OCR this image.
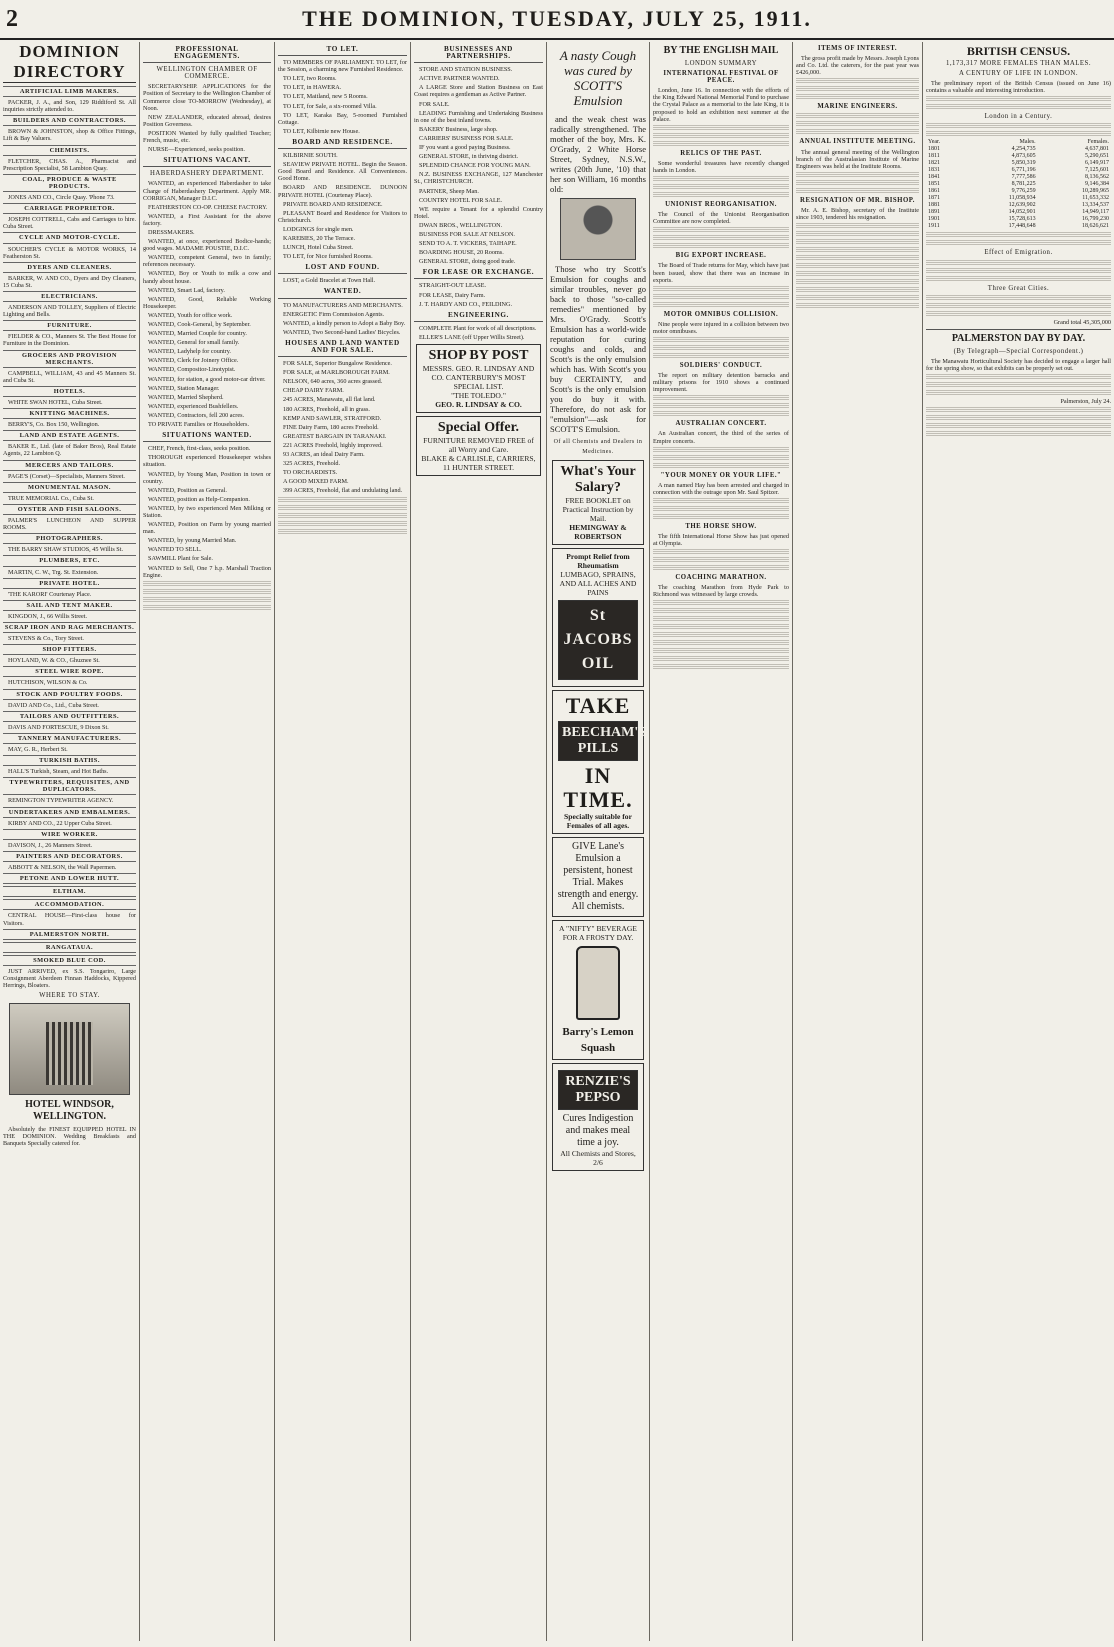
2	THE DOMINION, TUESDAY, JULY 25, 1911.
DOMINION DIRECTORY
ARTIFICIAL LIMB MAKERS.
PACKER, J. A., and Son, 129 Riddiford St. All inquiries strictly attended to.
BUILDERS AND CONTRACTORS.
BROWN & JOHNSTON, shop & Office Fittings, Lift & Bay Valuers.
CHEMISTS.
FLETCHER, CHAS. A., Pharmacist and Prescription Specialist, 58 Lambton Quay.
COAL, PRODUCE & WASTE PRODUCTS.
JONES AND CO., Circle Quay. 'Phone 73.
CARRIAGE PROPRIETOR.
JOSEPH COTTRELL, Cabs and Carriages to hire. Cuba Street.
CYCLE AND MOTOR-CYCLE.
SOUCHER'S CYCLE & MOTOR WORKS, 14 Featherston St.
DYERS AND CLEANERS.
BARKER, W. AND CO., Dyers and Dry Cleaners, 15 Cuba St.
ELECTRICIANS.
ANDERSON AND TOLLEY, Suppliers of Electric Lighting and Bells.
FURNITURE.
FIELDER & CO., Manners St. The Best House for Furniture in the Dominion.
GROCERS AND PROVISION MERCHANTS.
CAMPBELL, WILLIAM, 43 and 45 Manners St. and Cuba St.
HOTELS.
WHITE SWAN HOTEL, Cuba Street.
KNITTING MACHINES.
BERRY'S, Co. Box 150, Wellington.
LAND AND ESTATE AGENTS.
BAKER E., Ltd. (late of Baker Bros), Real Estate Agents, 22 Lambton Q.
MERCERS AND TAILORS.
PAGE'S (Corset)—Specialists, Manners Street.
MONUMENTAL MASON.
TRUE MEMORIAL Co., Cuba St.
OYSTER AND FISH SALOONS.
PALMER'S LUNCHEON AND SUPPER ROOMS.
PHOTOGRAPHERS.
THE BARRY SHAW STUDIOS, 45 Willis St.
PLUMBERS, ETC.
MARTIN, C. W., Trg. St. Extension.
PRIVATE HOTEL.
'THE KARORI' Courtenay Place.
SAIL AND TENT MAKER.
KINGDON, J., 66 Willis Street.
SCRAP IRON AND RAG MERCHANTS.
STEVENS & Co., Tory Street.
SHOP FITTERS.
HOYLAND, W. & CO., Ghuznee St.
STEEL WIRE ROPE.
HUTCHISON, WILSON & Co.
STOCK AND POULTRY FOODS.
DAVID AND Co., Ltd., Cuba Street.
TAILORS AND OUTFITTERS.
DAVIS AND FORTESCUE, 9 Dixon St.
TANNERY MANUFACTURERS.
MAY, G. R., Herbert St.
TURKISH BATHS.
HALL'S Turkish, Steam, and Hot Baths.
TYPEWRITERS, REQUISITES, AND DUPLICATORS.
REMINGTON TYPEWRITER AGENCY.
UNDERTAKERS AND EMBALMERS.
KIRBY AND CO., 22 Upper Cuba Street.
WIRE WORKER.
DAVISON, J., 26 Manners Street.
PAINTERS AND DECORATORS.
ABBOTT & NELSON, the Wall Papermen.
PETONE AND LOWER HUTT.
ELTHAM.
ACCOMMODATION.
CENTRAL HOUSE—First-class house for Visitors.
PALMERSTON NORTH.
RANGATAUA.
SMOKED BLUE COD.
JUST ARRIVED, ex S.S. Tongariro, Large Consignment Aberdeen Finnan Haddocks, Kippered Herrings, Bloaters.
WHERE TO STAY.
HOTEL WINDSOR, WELLINGTON.
Absolutely the FINEST EQUIPPED HOTEL IN THE DOMINION. Wedding Breakfasts and Banquets Specially catered for.
PROFESSIONAL ENGAGEMENTS.
WELLINGTON CHAMBER OF COMMERCE.
SECRETARYSHIP. APPLICATIONS for the Position of Secretary to the Wellington Chamber of Commerce close TO-MORROW (Wednesday), at Noon.
NEW ZEALANDER, educated abroad, desires Position Governess.
POSITION Wanted by fully qualified Teacher; French, music, etc.
NURSE—Experienced, seeks position.
SITUATIONS VACANT.
HABERDASHERY DEPARTMENT.
WANTED, an experienced Haberdasher to take Charge of Haberdashery Department. Apply MR. CORRIGAN, Manager D.I.C.
FEATHERSTON CO-OP. CHEESE FACTORY.
WANTED, a First Assistant for the above factory.
DRESSMAKERS.
WANTED, at once, experienced Bodice-hands; good wages. MADAME POUSTIE, D.I.C.
WANTED, competent General, two in family; references necessary.
WANTED, Boy or Youth to milk a cow and handy about house.
WANTED, Smart Lad, factory.
WANTED, Good, Reliable Working Housekeeper.
WANTED, Youth for office work.
WANTED, Cook-General, by September.
WANTED, Married Couple for country.
WANTED, General for small family.
WANTED, Ladyhelp for country.
WANTED, Clerk for Joinery Office.
WANTED, Compositor-Linotypist.
WANTED, for station, a good motor-car driver.
WANTED, Station Manager.
WANTED, Married Shepherd.
WANTED, experienced Bushfellers.
WANTED, Contractors, fell 200 acres.
TO PRIVATE Families or Householders.
SITUATIONS WANTED.
CHEF, French, first-class, seeks position.
THOROUGH experienced Housekeeper wishes situation.
WANTED, by Young Man, Position in town or country.
WANTED, Position as General.
WANTED, position as Help-Companion.
WANTED, by two experienced Men Milking or Station.
WANTED, Position on Farm by young married man.
WANTED, by young Married Man.
WANTED TO SELL.
SAWMILL Plant for Sale.
WANTED to Sell, One 7 h.p. Marshall Traction Engine.
TO LET.
TO MEMBERS OF PARLIAMENT. TO LET, for the Session, a charming new Furnished Residence.
TO LET, two Rooms.
TO LET, in HAWERA.
TO LET, Maitland, new 5 Rooms.
TO LET, for Sale, a six-roomed Villa.
TO LET, Karaka Bay, 5-roomed Furnished Cottage.
TO LET, Kilbirnie new House.
BOARD AND RESIDENCE.
KILBIRNIE SOUTH.
SEAVIEW PRIVATE HOTEL. Begin the Season. Good Board and Residence. All Conveniences. Good Home.
BOARD AND RESIDENCE. DUNOON PRIVATE HOTEL (Courtenay Place).
PRIVATE BOARD AND RESIDENCE.
PLEASANT Board and Residence for Visitors to Christchurch.
LODGINGS for single men.
KAREBIES, 20 The Terrace.
LUNCH, Hotel Cuba Street.
TO LET, for Nice furnished Rooms.
LOST AND FOUND.
LOST, a Gold Bracelet at Town Hall.
WANTED.
TO MANUFACTURERS AND MERCHANTS.
ENERGETIC Firm Commission Agents.
WANTED, a kindly person to Adopt a Baby Boy.
WANTED, Two Second-hand Ladies' Bicycles.
HOUSES AND LAND WANTED AND FOR SALE.
FOR SALE, Superior Bungalow Residence.
FOR SALE, at MARLBOROUGH FARM.
NELSON, 640 acres, 360 acres grassed.
CHEAP DAIRY FARM.
245 ACRES, Manawatu, all flat land.
180 ACRES, Freehold, all in grass.
KEMP AND SAWLER, STRATFORD.
FINE Dairy Farm, 180 acres Freehold.
GREATEST BARGAIN IN TARANAKI.
221 ACRES Freehold, highly improved.
93 ACRES, an ideal Dairy Farm.
325 ACRES, Freehold.
TO ORCHARDISTS.
A GOOD MIXED FARM.
399 ACRES, Freehold, flat and undulating land.
BUSINESSES AND PARTNERSHIPS.
STORE AND STATION BUSINESS.
ACTIVE PARTNER WANTED.
A LARGE Store and Station Business on East Coast requires a gentleman as Active Partner.
FOR SALE.
LEADING Furnishing and Undertaking Business in one of the best inland towns.
BAKERY Business, large shop.
CARRIERS' BUSINESS FOR SALE.
IF you want a good paying Business.
GENERAL STORE, in thriving district.
SPLENDID CHANCE FOR YOUNG MAN.
N.Z. BUSINESS EXCHANGE, 127 Manchester St., CHRISTCHURCH.
PARTNER, Sheep Man.
COUNTRY HOTEL FOR SALE.
WE require a Tenant for a splendid Country Hotel.
DWAN BROS., WELLINGTON.
BUSINESS FOR SALE AT NELSON.
SEND TO A. T. VICKERS, TAIHAPE.
BOARDING HOUSE, 20 Rooms.
GENERAL STORE, doing good trade.
FOR LEASE OR EXCHANGE.
STRAIGHT-OUT LEASE.
FOR LEASE, Dairy Farm.
J. T. HARDY AND CO., FEILDING.
ENGINEERING.
COMPLETE Plant for work of all descriptions.
ELLER'S LANE (off Upper Willis Street).
SHOP BY POST
MESSRS. GEO. R. LINDSAY AND CO. CANTERBURY'S MOST SPECIAL LIST.
"THE TOLEDO."
GEO. R. LINDSAY & CO.
Special Offer.
FURNITURE REMOVED FREE of all Worry and Care.
BLAKE & CARLISLE, CARRIERS, 11 HUNTER STREET.
A nasty Cough was cured by SCOTT'S Emulsion
and the weak chest was radically strengthened. The mother of the boy, Mrs. K. O'Grady, 2 White Horse Street, Sydney, N.S.W., writes (20th June, '10) that her son William, 16 months old:
Those who try Scott's Emulsion for coughs and similar troubles, never go back to those "so-called remedies" mentioned by Mrs. O'Grady. Scott's Emulsion has a world-wide reputation for curing coughs and colds, and Scott's is the only emulsion which has. With Scott's you buy CERTAINTY, and Scott's is the only emulsion you do buy it with. Therefore, do not ask for "emulsion"—ask for SCOTT'S Emulsion.
Of all Chemists and Dealers in Medicines.
What's Your Salary?
FREE BOOKLET on Practical Instruction by Mail.
HEMINGWAY & ROBERTSON
Prompt Relief from Rheumatism
LUMBAGO, SPRAINS, AND ALL ACHES AND PAINS
St JACOBS OIL
TAKE
BEECHAM'S PILLS
IN TIME.
Specially suitable for Females of all ages.
GIVE Lane's Emulsion a persistent, honest Trial. Makes strength and energy. All chemists.
A "NIFTY" BEVERAGE FOR A FROSTY DAY.
Barry's Lemon Squash
RENZIE'S PEPSO
Cures Indigestion and makes meal time a joy.
All Chemists and Stores, 2/6
BY THE ENGLISH MAIL
LONDON SUMMARY
INTERNATIONAL FESTIVAL OF PEACE.
London, June 16. In connection with the efforts of the King Edward National Memorial Fund to purchase the Crystal Palace as a memorial to the late King, it is proposed to hold an exhibition next summer at the Palace.
RELICS OF THE PAST.
Some wonderful treasures have recently changed hands in London.
UNIONIST REORGANISATION.
The Council of the Unionist Reorganisation Committee are now completed.
BIG EXPORT INCREASE.
The Board of Trade returns for May, which have just been issued, show that there was an increase in exports.
MOTOR OMNIBUS COLLISION.
Nine people were injured in a collision between two motor omnibuses.
SOLDIERS' CONDUCT.
The report on military detention barracks and military prisons for 1910 shows a continued improvement.
AUSTRALIAN CONCERT.
An Australian concert, the third of the series of Empire concerts.
"YOUR MONEY OR YOUR LIFE."
A man named Hay has been arrested and charged in connection with the outrage upon Mr. Saul Spitzer.
THE HORSE SHOW.
The fifth International Horse Show has just opened at Olympia.
COACHING MARATHON.
The coaching Marathon from Hyde Park to Richmond was witnessed by large crowds.
ITEMS OF INTEREST.
The gross profit made by Messrs. Joseph Lyons and Co. Ltd. the caterers, for the past year was £426,000.
MARINE ENGINEERS.
ANNUAL INSTITUTE MEETING.
The annual general meeting of the Wellington branch of the Australasian Institute of Marine Engineers was held at the Institute Rooms.
RESIGNATION OF MR. BISHOP.
Mr. A. E. Bishop, secretary of the Institute since 1903, tendered his resignation.
BRITISH CENSUS.
1,173,317 MORE FEMALES THAN MALES.
A CENTURY OF LIFE IN LONDON.
The preliminary report of the British Census (issued on June 16) contains a valuable and interesting introduction.
London in a Century.
Year.	Males.	Females.
1801	4,254,735	4,637,801
1811	4,873,605	5,290,651
1821	5,850,319	6,149,917
1831	6,771,196	7,125,601
1841	7,777,586	8,136,562
1851	8,781,225	9,146,384
1861	9,776,259	10,289,965
1871	11,058,934	11,653,332
1881	12,639,902	13,334,537
1891	14,052,901	14,949,117
1901	15,728,613	16,799,230
1911	17,448,648	18,626,621
Effect of Emigration.
Three Great Cities.
Grand total 45,305,000
PALMERSTON DAY BY DAY.
(By Telegraph—Special Correspondent.)
The Manawatu Horticultural Society has decided to engage a larger hall for the spring show, so that exhibits can be properly set out.
Palmerston, July 24.
